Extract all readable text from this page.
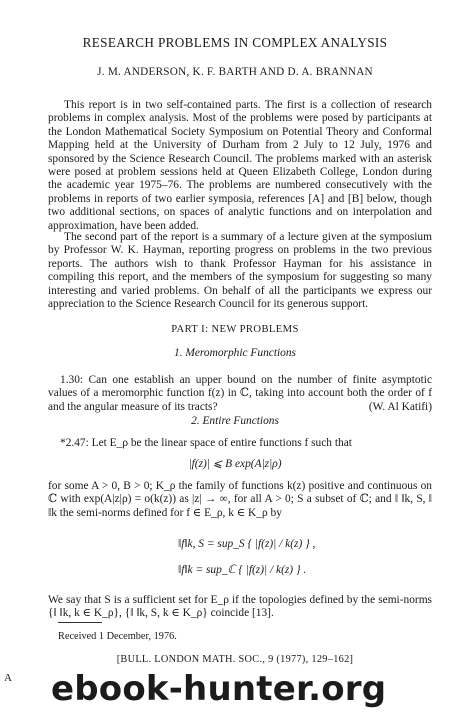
RESEARCH PROBLEMS IN COMPLEX ANALYSIS
J. M. ANDERSON, K. F. BARTH AND D. A. BRANNAN

This report is in two self-contained parts. The first is a collection of research problems in complex analysis. Most of the problems were posed by participants at the London Mathematical Society Symposium on Potential Theory and Conformal Mapping held at the University of Durham from 2 July to 12 July, 1976 and sponsored by the Science Research Council. The problems marked with an asterisk were posed at problem sessions held at Queen Elizabeth College, London during the academic year 1975–76. The problems are numbered consecutively with the problems in reports of two earlier symposia, references [A] and [B] below, though two additional sections, on spaces of analytic functions and on interpolation and approximation, have been added.

The second part of the report is a summary of a lecture given at the symposium by Professor W. K. Hayman, reporting progress on problems in the two previous reports. The authors wish to thank Professor Hayman for his assistance in compiling this report, and the members of the symposium for suggesting so many interesting and varied problems. On behalf of all the participants we express our appreciation to the Science Research Council for its generous support.

PART I: NEW PROBLEMS
1. Meromorphic Functions

1.30: Can one establish an upper bound on the number of finite asymptotic values of a meromorphic function f(z) in ℂ, taking into account both the order of f and the angular measure of its tracts?	(W. Al Katifi)

2. Entire Functions
*2.47: Let E_ρ be the linear space of entire functions f such that
|f(z)| ⩽ B exp(A|z|ρ)

for some A > 0, B > 0; K_ρ the family of functions k(z) positive and continuous on ℂ with exp(A|z|ρ) = o(k(z)) as |z| → ∞, for all A > 0; S a subset of ℂ; and ‖ ‖k, S, ‖ ‖k the semi-norms defined for f ∈ E_ρ, k ∈ K_ρ by

‖f‖k, S = sup_S { |f(z)| / k(z) } ,
‖f‖k = sup_ℂ { |f(z)| / k(z) } .

We say that S is a sufficient set for E_ρ if the topologies defined by the semi-norms {‖ ‖k, k ∈ K_ρ}, {‖ ‖k, S, k ∈ K_ρ} coincide [13].

Received 1 December, 1976.
[BULL. LONDON MATH. SOC., 9 (1977), 129–162]
A ebook-hunter.org
